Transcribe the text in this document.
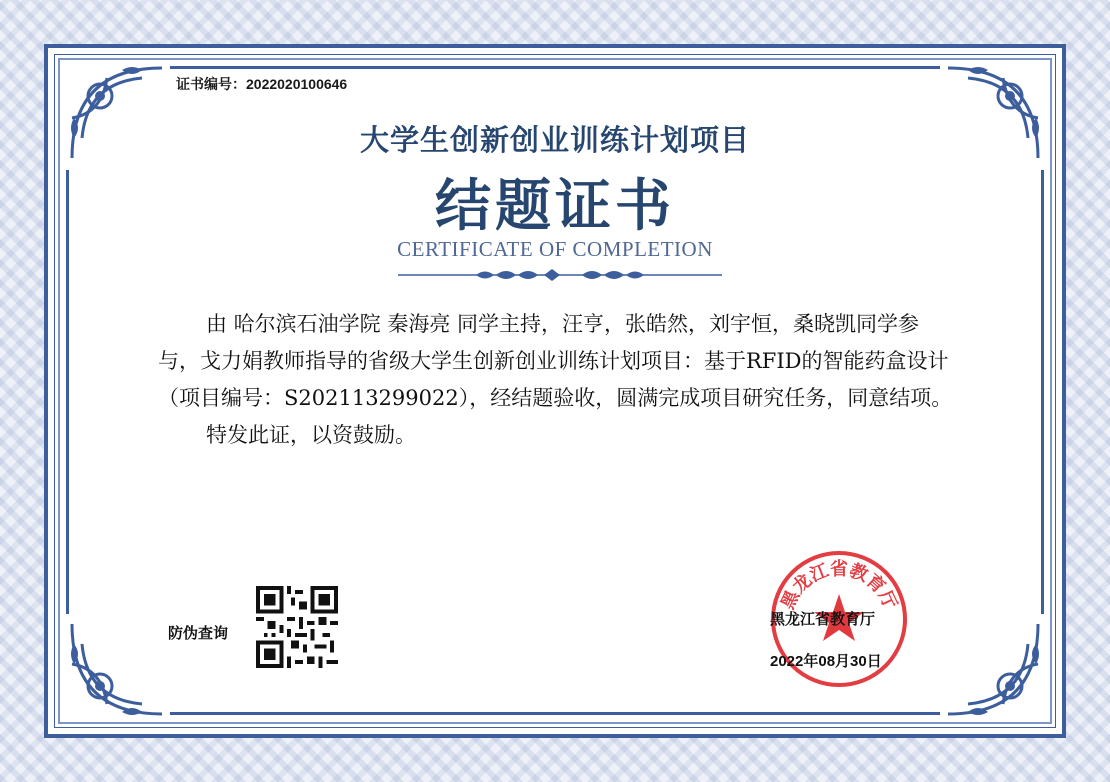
证书编号：2022020100646
大学生创新创业训练计划项目
结题证书
CERTIFICATE OF COMPLETION

由 哈尔滨石油学院 秦海亮 同学主持，汪亨，张皓然，刘宇恒，桑晓凯同学参与，戈力娟教师指导的省级大学生创新创业训练计划项目：基于RFID的智能药盒设计（项目编号：S202113299022），经结题验收，圆满完成项目研究任务，同意结项。

特发此证，以资鼓励。

防伪查询
黑龙江省教育厅
黑龙江省教育厅
2022年08月30日
